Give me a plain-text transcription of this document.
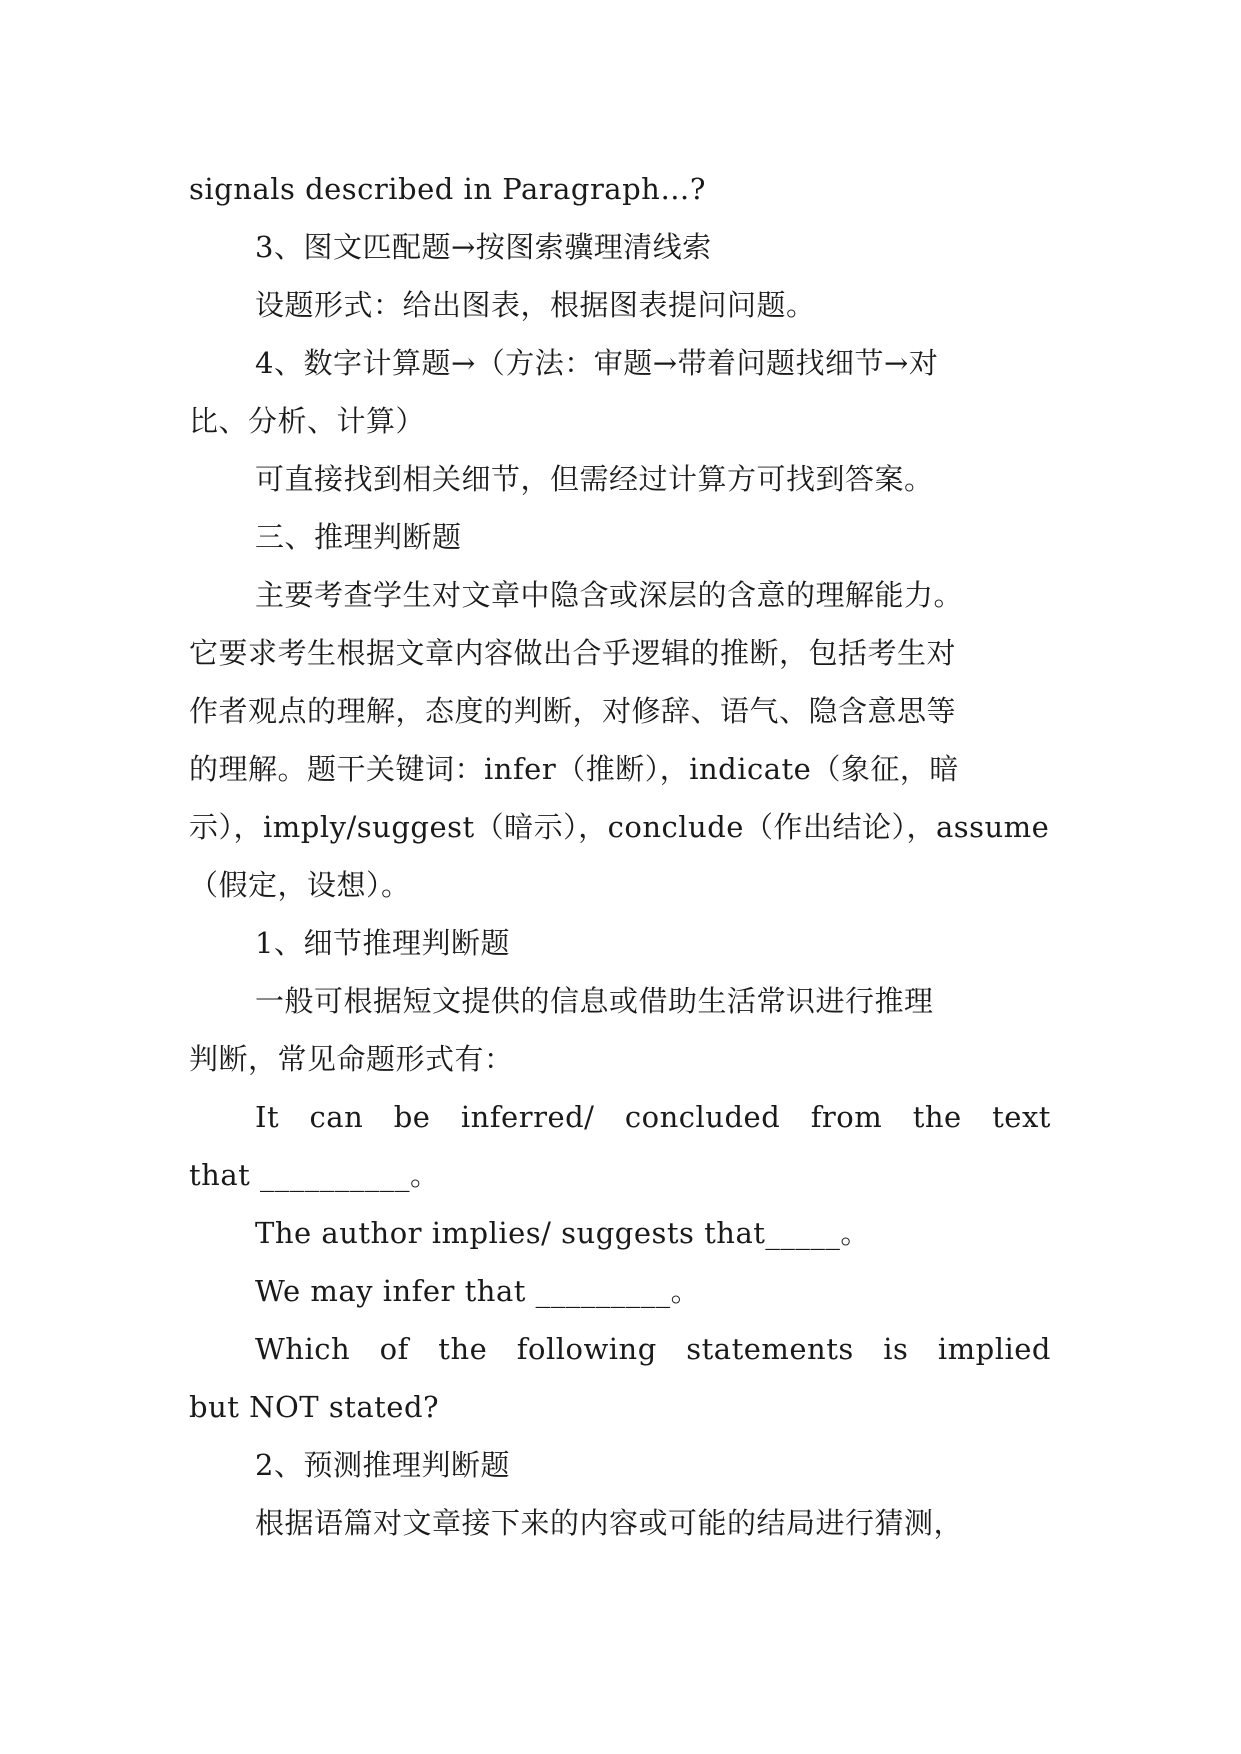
signals described in Paragraph…?
3、图文匹配题→按图索骥理清线索
设题形式：给出图表，根据图表提问问题。
4、数字计算题→（方法：审题→带着问题找细节→对
比、分析、计算）
可直接找到相关细节，但需经过计算方可找到答案。
三、推理判断题
主要考查学生对文章中隐含或深层的含意的理解能力。
它要求考生根据文章内容做出合乎逻辑的推断，包括考生对
作者观点的理解，态度的判断，对修辞、语气、隐含意思等
的理解。题干关键词：infer（推断），indicate（象征，暗
示），imply/suggest（暗示），conclude（作出结论），assume
（假定，设想）。
1、细节推理判断题
一般可根据短文提供的信息或借助生活常识进行推理
判断，常见命题形式有：
It can be inferred/ concluded from the text
that __________。
The author implies/ suggests that_____。
We may infer that _________。
Which of the following statements is implied
but NOT stated?
2、预测推理判断题
根据语篇对文章接下来的内容或可能的结局进行猜测，
